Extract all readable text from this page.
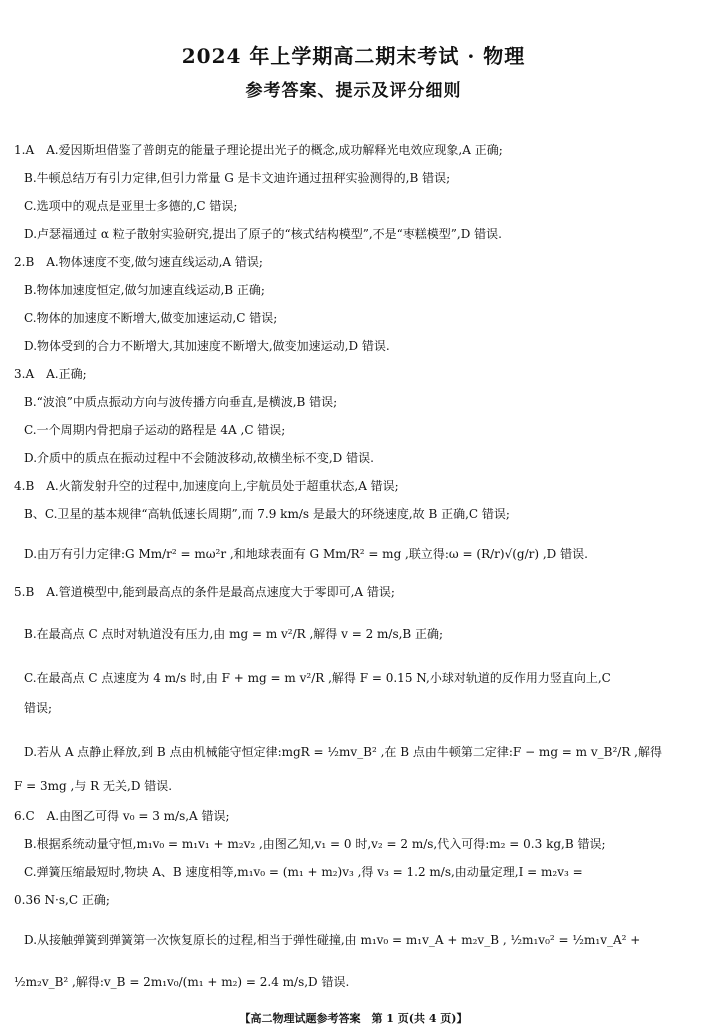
2024 年上学期高二期末考试 · 物理
参考答案、提示及评分细则
1.A　A.爱因斯坦借鉴了普朗克的能量子理论提出光子的概念,成功解释光电效应现象,A 正确;
B.牛顿总结万有引力定律,但引力常量 G 是卡文迪许通过扭秤实验测得的,B 错误;
C.选项中的观点是亚里士多德的,C 错误;
D.卢瑟福通过 α 粒子散射实验研究,提出了原子的“核式结构模型”,不是“枣糕模型”,D 错误.
2.B　A.物体速度不变,做匀速直线运动,A 错误;
B.物体加速度恒定,做匀加速直线运动,B 正确;
C.物体的加速度不断增大,做变加速运动,C 错误;
D.物体受到的合力不断增大,其加速度不断增大,做变加速运动,D 错误.
3.A　A.正确;
B.“波浪”中质点振动方向与波传播方向垂直,是横波,B 错误;
C.一个周期内骨把扇子运动的路程是 4A ,C 错误;
D.介质中的质点在振动过程中不会随波移动,故横坐标不变,D 错误.
4.B　A.火箭发射升空的过程中,加速度向上,宇航员处于超重状态,A 错误;
B、C.卫星的基本规律“高轨低速长周期”,而 7.9 km/s 是最大的环绕速度,故 B 正确,C 错误;
D.由万有引力定律:G Mm/r² = mω²r ,和地球表面有 G Mm/R² = mg ,联立得:ω = (R/r)√(g/r) ,D 错误.
5.B　A.管道模型中,能到最高点的条件是最高点速度大于零即可,A 错误;
B.在最高点 C 点时对轨道没有压力,由 mg = m v²/R ,解得 v = 2 m/s,B 正确;
C.在最高点 C 点速度为 4 m/s 时,由 F + mg = m v²/R ,解得 F = 0.15 N,小球对轨道的反作用力竖直向上,C
错误;
D.若从 A 点静止释放,到 B 点由机械能守恒定律:mgR = ½mv_B² ,在 B 点由牛顿第二定律:F − mg = m v_B²/R ,解得
F = 3mg ,与 R 无关,D 错误.
6.C　A.由图乙可得 v₀ = 3 m/s,A 错误;
B.根据系统动量守恒,m₁v₀ = m₁v₁ + m₂v₂ ,由图乙知,v₁ = 0 时,v₂ = 2 m/s,代入可得:m₂ = 0.3 kg,B 错误;
C.弹簧压缩最短时,物块 A、B 速度相等,m₁v₀ = (m₁ + m₂)v₃ ,得 v₃ = 1.2 m/s,由动量定理,I = m₂v₃ =
0.36 N·s,C 正确;
D.从接触弹簧到弹簧第一次恢复原长的过程,相当于弹性碰撞,由 m₁v₀ = m₁v_A + m₂v_B , ½m₁v₀² = ½m₁v_A² +
½m₂v_B² ,解得:v_B = 2m₁v₀/(m₁ + m₂) = 2.4 m/s,D 错误.
【高二物理试题参考答案　第 1 页(共 4 页)】
